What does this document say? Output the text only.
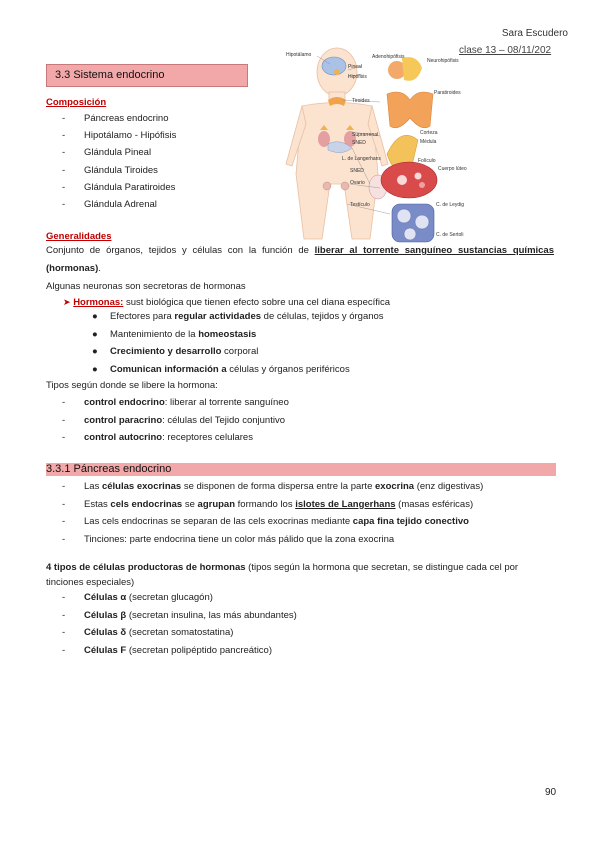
Sara Escudero
clase 13 – 08/11/202
3.3 Sistema endocrino
Composición
- Páncreas endocrino
- Hipotálamo - Hipófisis
- Glándula Pineal
- Glándula Tiroides
- Glándula Paratiroides
- Glándula Adrenal
Hipotálamo
Pineal
Hipófisis
Adenohipófisis
Neurohipófisis
Tiroides
Paratiroides
Suprarrenal
SNED
Corteza
Médula
L. de Langerhans	Folículo
Cuerpo lúteo
SNED
Ovario
Testículo	C. de Leydig
C. de Sertoli
Generalidades
Conjunto de órganos, tejidos y células con la función de liberar al torrente sanguíneo sustancias químicas
(hormonas).
Algunas neuronas son secretoras de hormonas
➤ Hormonas: sust biológica que tienen efecto sobre una cel diana específica
● Efectores para regular actividades de células, tejidos y órganos
● Mantenimiento de la homeostasis
● Crecimiento y desarrollo corporal
● Comunican información a células y órganos periféricos
Tipos según donde se libere la hormona:
- control endocrino: liberar al torrente sanguíneo
- control paracrino: células del Tejido conjuntivo
- control autocrino: receptores celulares
3.3.1 Páncreas endocrino
- Las células exocrinas se disponen de forma dispersa entre la parte exocrina (enz digestivas)
- Estas cels endocrinas se agrupan formando los islotes de Langerhans (masas esféricas)
- Las cels endocrinas se separan de las cels exocrinas mediante capa fina tejido conectivo
- Tinciones: parte endocrina tiene un color más pálido que la zona exocrina
4 tipos de células productoras de hormonas (tipos según la hormona que secretan, se distingue cada cel por tinciones especiales)
- Células α (secretan glucagón)
- Células β (secretan insulina, las más abundantes)
- Células δ (secretan somatostatina)
- Células F (secretan polipéptido pancreático)
90
